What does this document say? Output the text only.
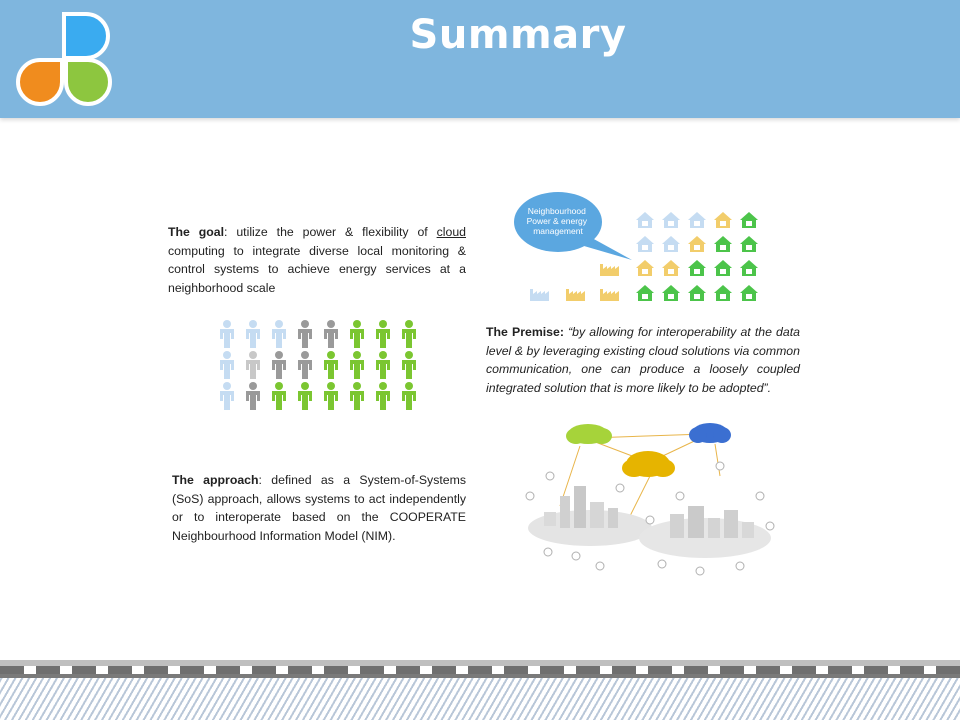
Summary
The goal: utilize the power & flexibility of cloud computing to integrate diverse local monitoring & control systems to achieve energy services at a neighborhood scale
The Premise: “by allowing for interoperability at the data level & by leveraging existing cloud solutions via common communication, one can produce a loosely coupled integrated solution that is more likely to be adopted”.
The approach: defined as a System-of-Systems (SoS) approach, allows systems to act independently or to interoperate based on the COOPERATE Neighbourhood Information Model (NIM).
Neighbourhood Power & energy management
